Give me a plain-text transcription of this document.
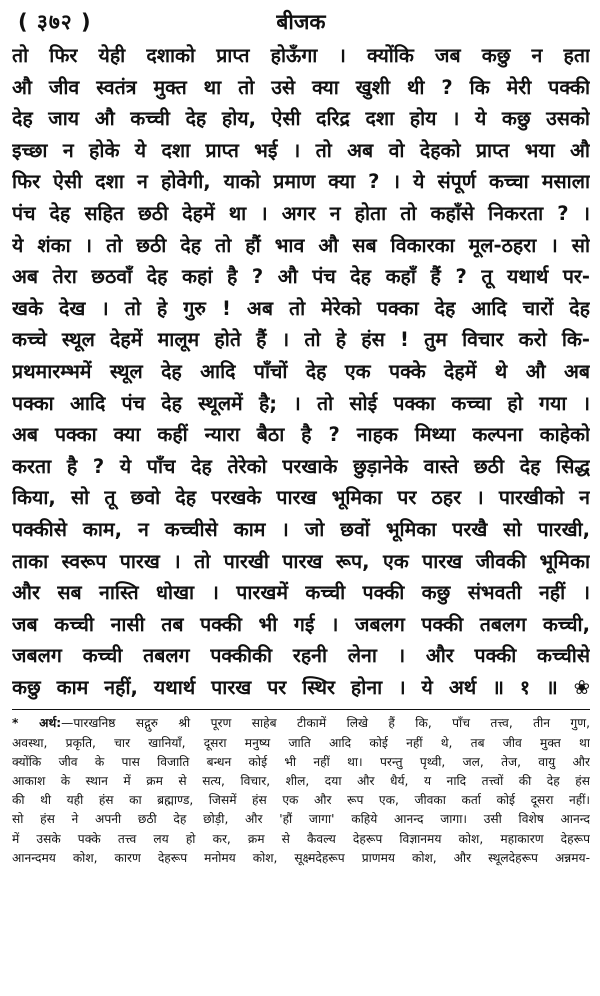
( ३७२ )	बीजक
तो फिर येही दशाको प्राप्त होऊँगा । क्योंकि जब कछु न हता
औ जीव स्वतंत्र मुक्त था तो उसे क्या खुशी थी ? कि मेरी पक्की
देह जाय औ कच्ची देह होय, ऐसी दरिद्र दशा होय । ये कछु उसको
इच्छा न होके ये दशा प्राप्त भई । तो अब वो देहको प्राप्त भया औ
फिर ऐसी दशा न होवेगी, याको प्रमाण क्या ? । ये संपूर्ण कच्चा मसाला
पंच देह सहित छठी देहमें था । अगर न होता तो कहाँसे निकरता ? ।
ये शंका । तो छठी देह तो हौं भाव औ सब विकारका मूल-ठहरा । सो
अब तेरा छठवाँ देह कहां है ? औ पंच देह कहाँ हैं ? तू यथार्थ पर-
खके देख । तो हे गुरु ! अब तो मेरेको पक्का देह आदि चारों देह
कच्चे स्थूल देहमें मालूम होते हैं । तो हे हंस ! तुम विचार करो कि-
प्रथमारम्भमें स्थूल देह आदि पाँचों देह एक पक्के देहमें थे औ अब
पक्का आदि पंच देह स्थूलमें है; । तो सोई पक्का कच्चा हो गया ।
अब पक्का क्या कहीं न्यारा बैठा है ? नाहक मिथ्या कल्पना काहेको
करता है ? ये पाँच देह तेरेको परखाके छुड़ानेके वास्ते छठी देह सिद्ध
किया, सो तू छवो देह परखके पारख भूमिका पर ठहर । पारखीको न
पक्कीसे काम, न कच्चीसे काम । जो छवों भूमिका परखै सो पारखी,
ताका स्वरूप पारख । तो पारखी पारख रूप, एक पारख जीवकी भूमिका
और सब नास्ति धोखा । पारखमें कच्ची पक्की कछु संभवती नहीं ।
जब कच्ची नासी तब पक्की भी गई । जबलग पक्की तबलग कच्ची,
जबलग कच्ची तबलग पक्कीकी रहनी लेना । और पक्की कच्चीसे
कछु काम नहीं, यथार्थ पारख पर स्थिर होना । ये अर्थ ॥ १ ॥ ❀
* अर्थ:—पारखनिष्ठ सद्गुरु श्री पूरण साहेब टीकामें लिखे हैं कि, पाँच तत्त्व, तीन गुण,
अवस्था, प्रकृति, चार खानियाँ, दूसरा मनुष्य जाति आदि कोई नहीं थे, तब जीव मुक्त था
क्योंकि जीव के पास विजाति बन्धन कोई भी नहीं था। परन्तु पृथ्वी, जल, तेज, वायु और
आकाश के स्थान में क्रम से सत्य, विचार, शील, दया और धैर्य, य नादि तत्त्वों की देह हंस
की थी यही हंस का ब्रह्माण्ड, जिसमें हंस एक और रूप एक, जीवका कर्ता कोई दूसरा नहीं।
सो हंस ने अपनी छठी देह छोड़ी, और 'हौं जागा' कहिये आनन्द जागा। उसी विशेष आनन्द
में उसके पक्के तत्त्व लय हो कर, क्रम से कैवल्य देहरूप विज्ञानमय कोश, महाकारण देहरूप
आनन्दमय कोश, कारण देहरूप मनोमय कोश, सूक्ष्मदेहरूप प्राणमय कोश, और स्थूलदेहरूप अन्नमय-
